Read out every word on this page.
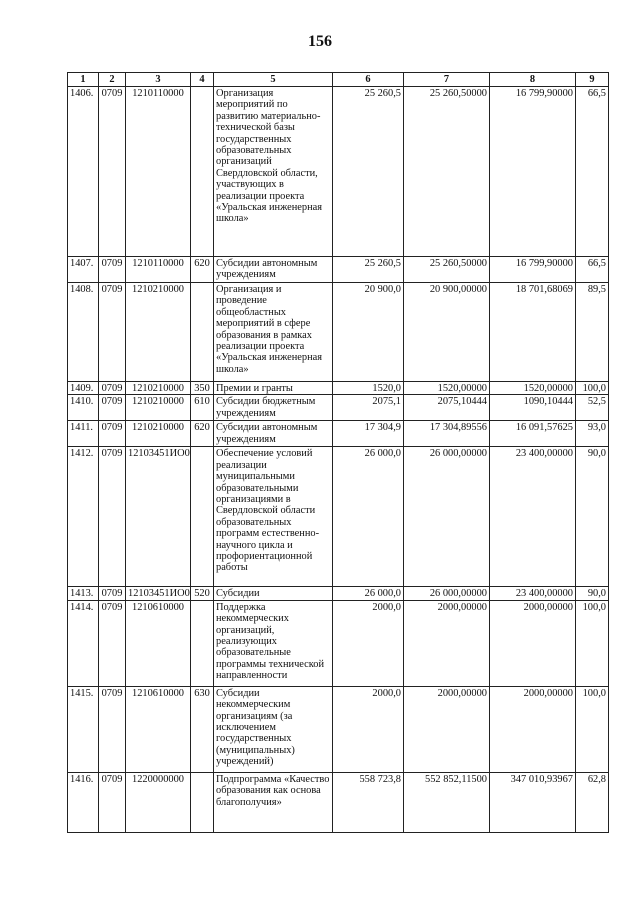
156
1	2	3	4	5	6	7	8	9
1406.	0709	1210110000		Организация мероприятий по развитию материально-технической базы государственных образовательных организаций Свердловской области, участвующих в реализации проекта «Уральская инженерная школа»	25 260,5	25 260,50000	16 799,90000	66,5
1407.	0709	1210110000	620	Субсидии автономным учреждениям	25 260,5	25 260,50000	16 799,90000	66,5
1408.	0709	1210210000		Организация и проведение общеобластных мероприятий в сфере образования в рамках реализации проекта «Уральская инженерная школа»	20 900,0	20 900,00000	18 701,68069	89,5
1409.	0709	1210210000	350	Премии и гранты	1520,0	1520,00000	1520,00000	100,0
1410.	0709	1210210000	610	Субсидии бюджетным учреждениям	2075,1	2075,10444	1090,10444	52,5
1411.	0709	1210210000	620	Субсидии автономным учреждениям	17 304,9	17 304,89556	16 091,57625	93,0
1412.	0709	12103451ИО0		Обеспечение условий реализации муниципальными образовательными организациями в Свердловской области образовательных программ естественно-научного цикла и профориентационной работы	26 000,0	26 000,00000	23 400,00000	90,0
1413.	0709	12103451ИО0	520	Субсидии	26 000,0	26 000,00000	23 400,00000	90,0
1414.	0709	1210610000		Поддержка некоммерческих организаций, реализующих образовательные программы технической направленности	2000,0	2000,00000	2000,00000	100,0
1415.	0709	1210610000	630	Субсидии некоммерческим организациям (за исключением государственных (муниципальных) учреждений)	2000,0	2000,00000	2000,00000	100,0
1416.	0709	1220000000		Подпрограмма «Качество образования как основа благополучия»	558 723,8	552 852,11500	347 010,93967	62,8
